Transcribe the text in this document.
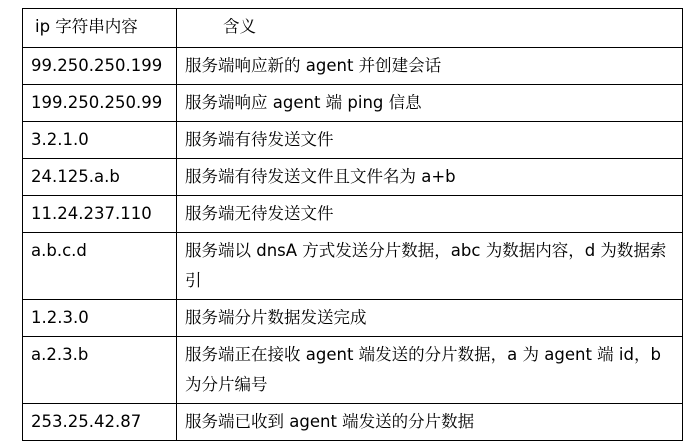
ip 字符串内容	含义
99.250.250.199	服务端响应新的 agent 并创建会话
199.250.250.99	服务端响应 agent 端 ping 信息
3.2.1.0	服务端有待发送文件
24.125.a.b	服务端有待发送文件且文件名为 a+b
11.24.237.110	服务端无待发送文件
a.b.c.d	服务端以 dnsA 方式发送分片数据，abc 为数据内容，d 为数据索引
1.2.3.0	服务端分片数据发送完成
a.2.3.b	服务端正在接收 agent 端发送的分片数据，a 为 agent 端 id，b 为分片编号
253.25.42.87	服务端已收到 agent 端发送的分片数据
